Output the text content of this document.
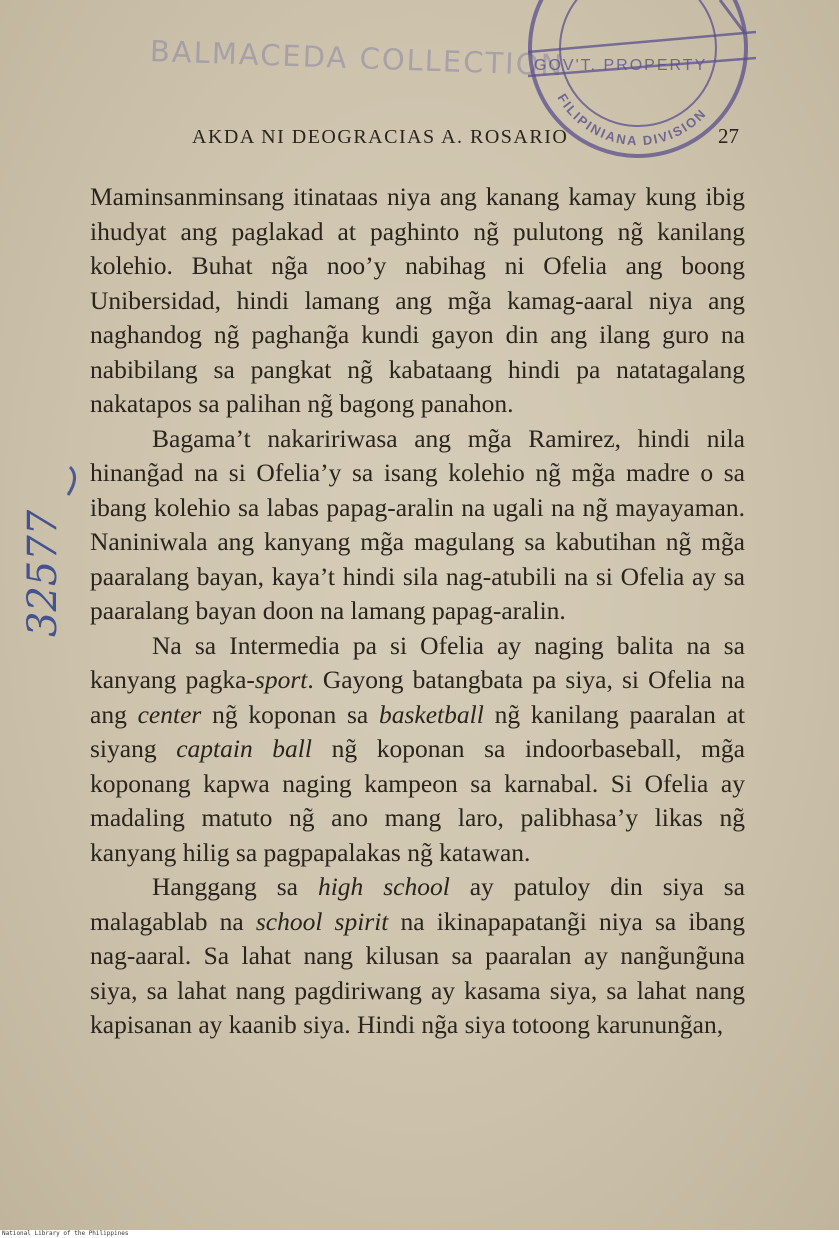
BALMACEDA COLLECTION
GOV'T. PROPERTY
FILIPINIANA DIVISION
AKDA NI DEOGRACIAS A. ROSARIO	27
32577

Maminsanminsang itinataas niya ang kanang kamay kung ibig ihudyat ang paglakad at paghinto ng̃ pulutong ng̃ kanilang kolehio. Buhat ng̃a noo’y nabihag ni Ofelia ang boong Unibersidad, hindi lamang ang mg̃a kamag-aaral niya ang naghandog ng̃ paghang̃a kundi gayon din ang ilang guro na nabibilang sa pangkat ng̃ kabataang hindi pa natatagalang nakatapos sa palihan ng̃ bagong panahon.

Bagama’t nakaririwasa ang mg̃a Ramirez, hindi nila hinang̃ad na si Ofelia’y sa isang kolehio ng̃ mg̃a madre o sa ibang kolehio sa labas papag-aralin na ugali na ng̃ mayayaman. Naniniwala ang kanyang mg̃a magulang sa kabutihan ng̃ mg̃a paaralang bayan, kaya’t hindi sila nag-atubili na si Ofelia ay sa paaralang bayan doon na lamang papag-aralin.

Na sa Intermedia pa si Ofelia ay naging balita na sa kanyang pagka-sport. Gayong batangbata pa siya, si Ofelia na ang center ng̃ koponan sa basketball ng̃ kanilang paaralan at siyang captain ball ng̃ koponan sa indoorbaseball, mg̃a koponang kapwa naging kampeon sa karnabal. Si Ofelia ay madaling matuto ng̃ ano mang laro, palibhasa’y likas ng̃ kanyang hilig sa pagpapalakas ng̃ katawan.

Hanggang sa high school ay patuloy din siya sa malagablab na school spirit na ikinapapatang̃i niya sa ibang nag-aaral. Sa lahat nang kilusan sa paaralan ay nang̃ung̃una siya, sa lahat nang pagdiriwang ay kasama siya, sa lahat nang kapisanan ay kaanib siya. Hindi ng̃a siya totoong karunung̃an,

National Library of the Philippines
